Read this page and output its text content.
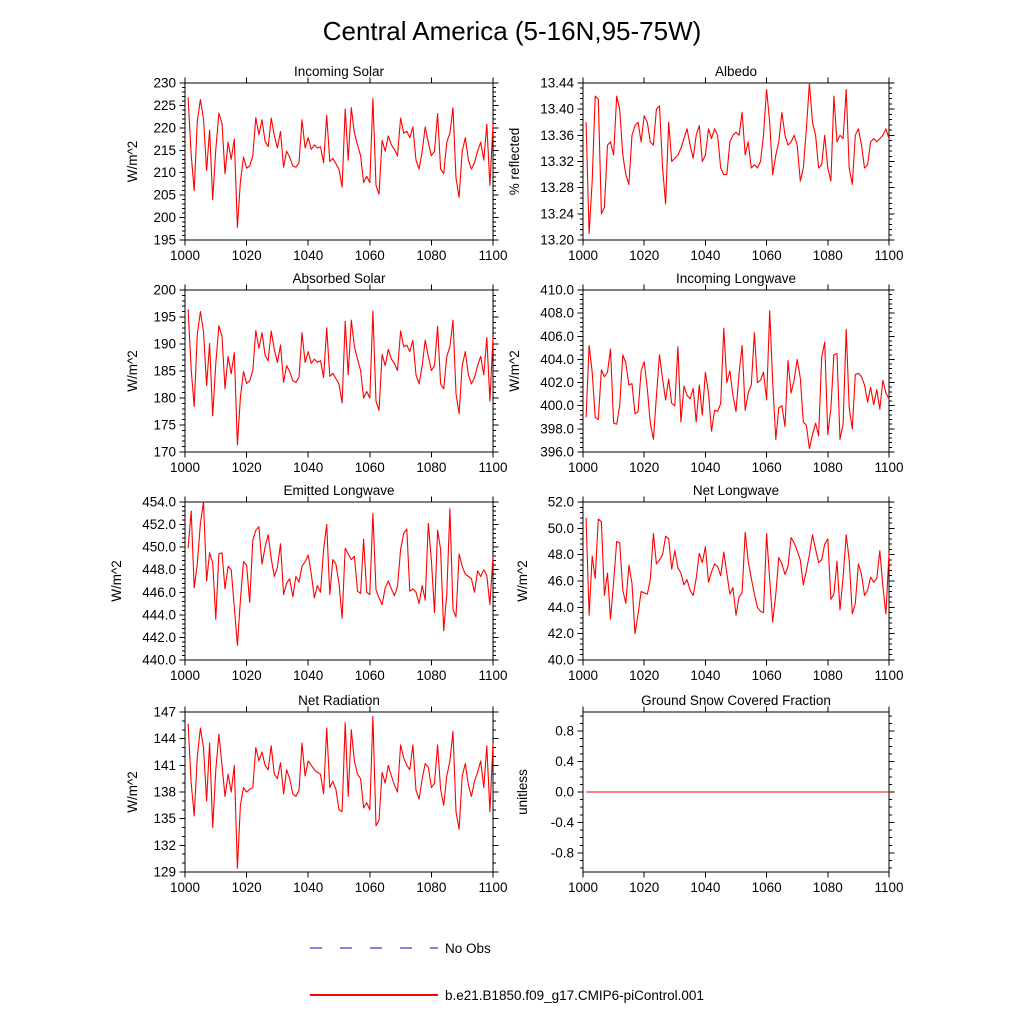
Central America (5-16N,95-75W)
Incoming Solar
1000 1020 1040 1060 1080 1100
195
200
205
210
215
220
225
230
W/m^2
Albedo
1000 1020 1040 1060 1080 1100
13.20
13.24
13.28
13.32
13.36
13.40
13.44
% reflected
Absorbed Solar
1000 1020 1040 1060 1080 1100
170
175
180
185
190
195
200
W/m^2
Incoming Longwave
1000 1020 1040 1060 1080 1100
396.0
398.0
400.0
402.0
404.0
406.0
408.0
410.0
W/m^2
Emitted Longwave
1000 1020 1040 1060 1080 1100
440.0
442.0
444.0
446.0
448.0
450.0
452.0
454.0
W/m^2
Net Longwave
1000 1020 1040 1060 1080 1100
40.0
42.0
44.0
46.0
48.0
50.0
52.0
W/m^2
Net Radiation
1000 1020 1040 1060 1080 1100
129
132
135
138
141
144
147
W/m^2
Ground Snow Covered Fraction
1000 1020 1040 1060 1080 1100
-0.8
-0.4
0.0
0.4
0.8
unitless
No Obs
b.e21.B1850.f09_g17.CMIP6-piControl.001
